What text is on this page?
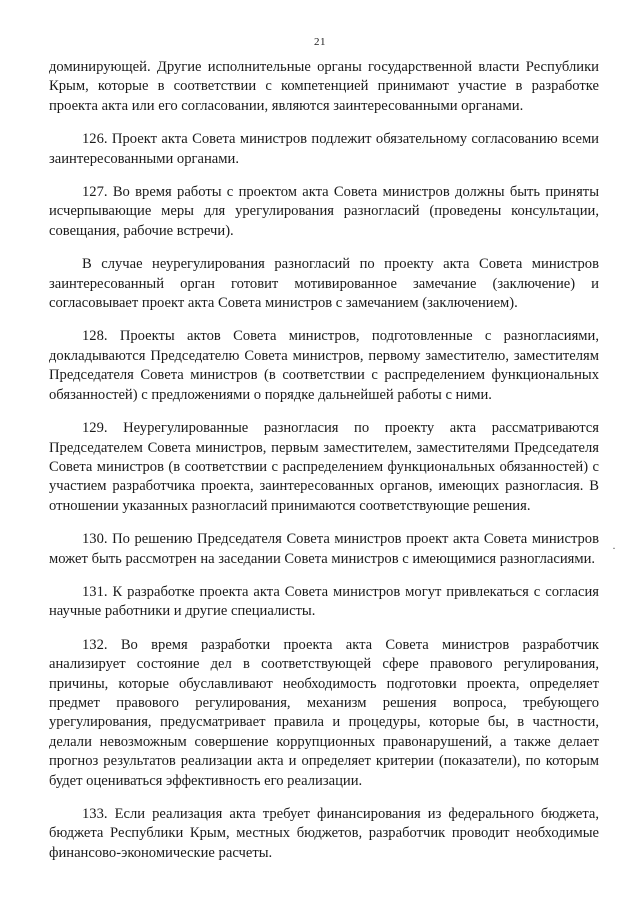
21

доминирующей. Другие исполнительные органы государственной власти Республики Крым, которые в соответствии с компетенцией принимают участие в разработке проекта акта или его согласовании, являются заинтересованными органами.

126. Проект акта Совета министров подлежит обязательному согласованию всеми заинтересованными органами.

127. Во время работы с проектом акта Совета министров должны быть приняты исчерпывающие меры для урегулирования разногласий (проведены консультации, совещания, рабочие встречи).

В случае неурегулирования разногласий по проекту акта Совета министров заинтересованный орган готовит мотивированное замечание (заключение) и согласовывает проект акта Совета министров с замечанием (заключением).

128. Проекты актов Совета министров, подготовленные с разногласиями, докладываются Председателю Совета министров, первому заместителю, заместителям Председателя Совета министров (в соответствии с распределением функциональных обязанностей) с предложениями о порядке дальнейшей работы с ними.

129. Неурегулированные разногласия по проекту акта рассматриваются Председателем Совета министров, первым заместителем, заместителями Председателя Совета министров (в соответствии с распределением функциональных обязанностей) с участием разработчика проекта, заинтересованных органов, имеющих разногласия. В отношении указанных разногласий принимаются соответствующие решения.

130. По решению Председателя Совета министров проект акта Совета министров может быть рассмотрен на заседании Совета министров с имеющимися разногласиями.

131. К разработке проекта акта Совета министров могут привлекаться с согласия научные работники и другие специалисты.

132. Во время разработки проекта акта Совета министров разработчик анализирует состояние дел в соответствующей сфере правового регулирования, причины, которые обуславливают необходимость подготовки проекта, определяет предмет правового регулирования, механизм решения вопроса, требующего урегулирования, предусматривает правила и процедуры, которые бы, в частности, делали невозможным совершение коррупционных правонарушений, а также делает прогноз результатов реализации акта и определяет критерии (показатели), по которым будет оцениваться эффективность его реализации.

133. Если реализация акта требует финансирования из федерального бюджета, бюджета Республики Крым, местных бюджетов, разработчик проводит необходимые финансово-экономические расчеты.

·
